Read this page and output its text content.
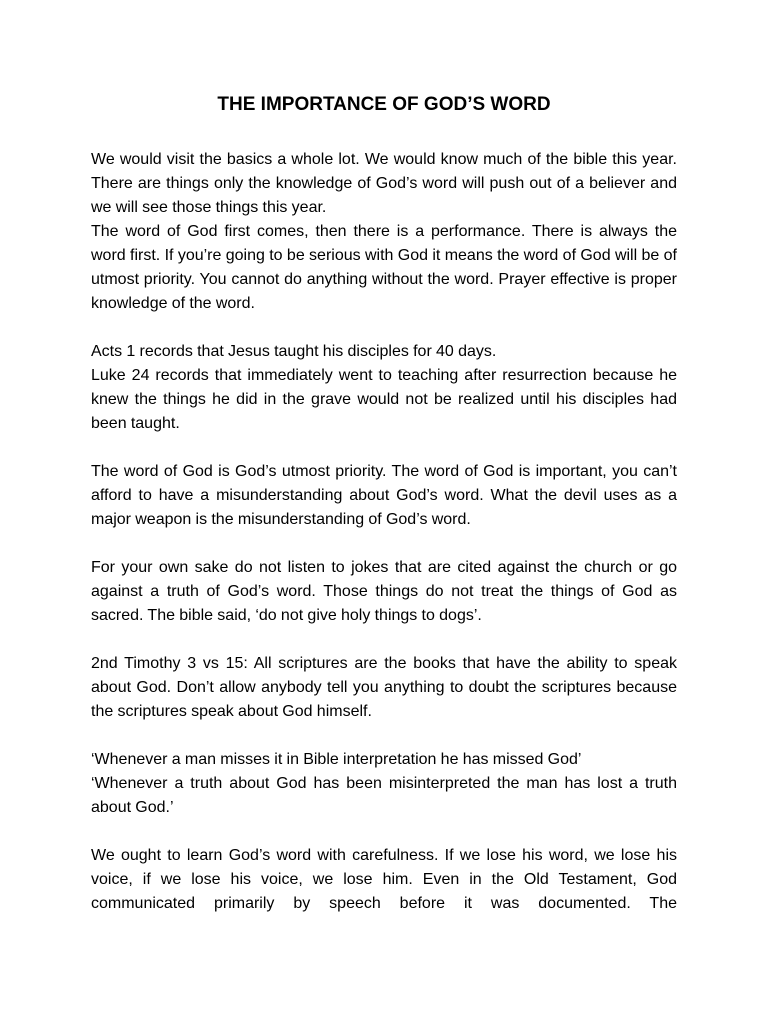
THE IMPORTANCE OF GOD’S WORD

We would visit the basics a whole lot. We would know much of the bible this year. There are things only the knowledge of God’s word will push out of a believer and we will see those things this year.

The word of God first comes, then there is a performance. There is always the word first. If you’re going to be serious with God it means the word of God will be of utmost priority. You cannot do anything without the word. Prayer effective is proper knowledge of the word.

Acts 1 records that Jesus taught his disciples for 40 days.

Luke 24 records that immediately went to teaching after resurrection because he knew the things he did in the grave would not be realized until his disciples had been taught.

The word of God is God’s utmost priority. The word of God is important, you can’t afford to have a misunderstanding about God’s word. What the devil uses as a major weapon is the misunderstanding of God’s word.

For your own sake do not listen to jokes that are cited against the church or go against a truth of God’s word. Those things do not treat the things of God as sacred. The bible said, ‘do not give holy things to dogs’.

2nd Timothy 3 vs 15: All scriptures are the books that have the ability to speak about God. Don’t allow anybody tell you anything to doubt the scriptures because the scriptures speak about God himself.

‘Whenever a man misses it in Bible interpretation he has missed God’

‘Whenever a truth about God has been misinterpreted the man has lost a truth about God.’

We ought to learn God’s word with carefulness. If we lose his word, we lose his voice, if we lose his voice, we lose him. Even in the Old Testament, God communicated primarily by speech before it was documented. The
